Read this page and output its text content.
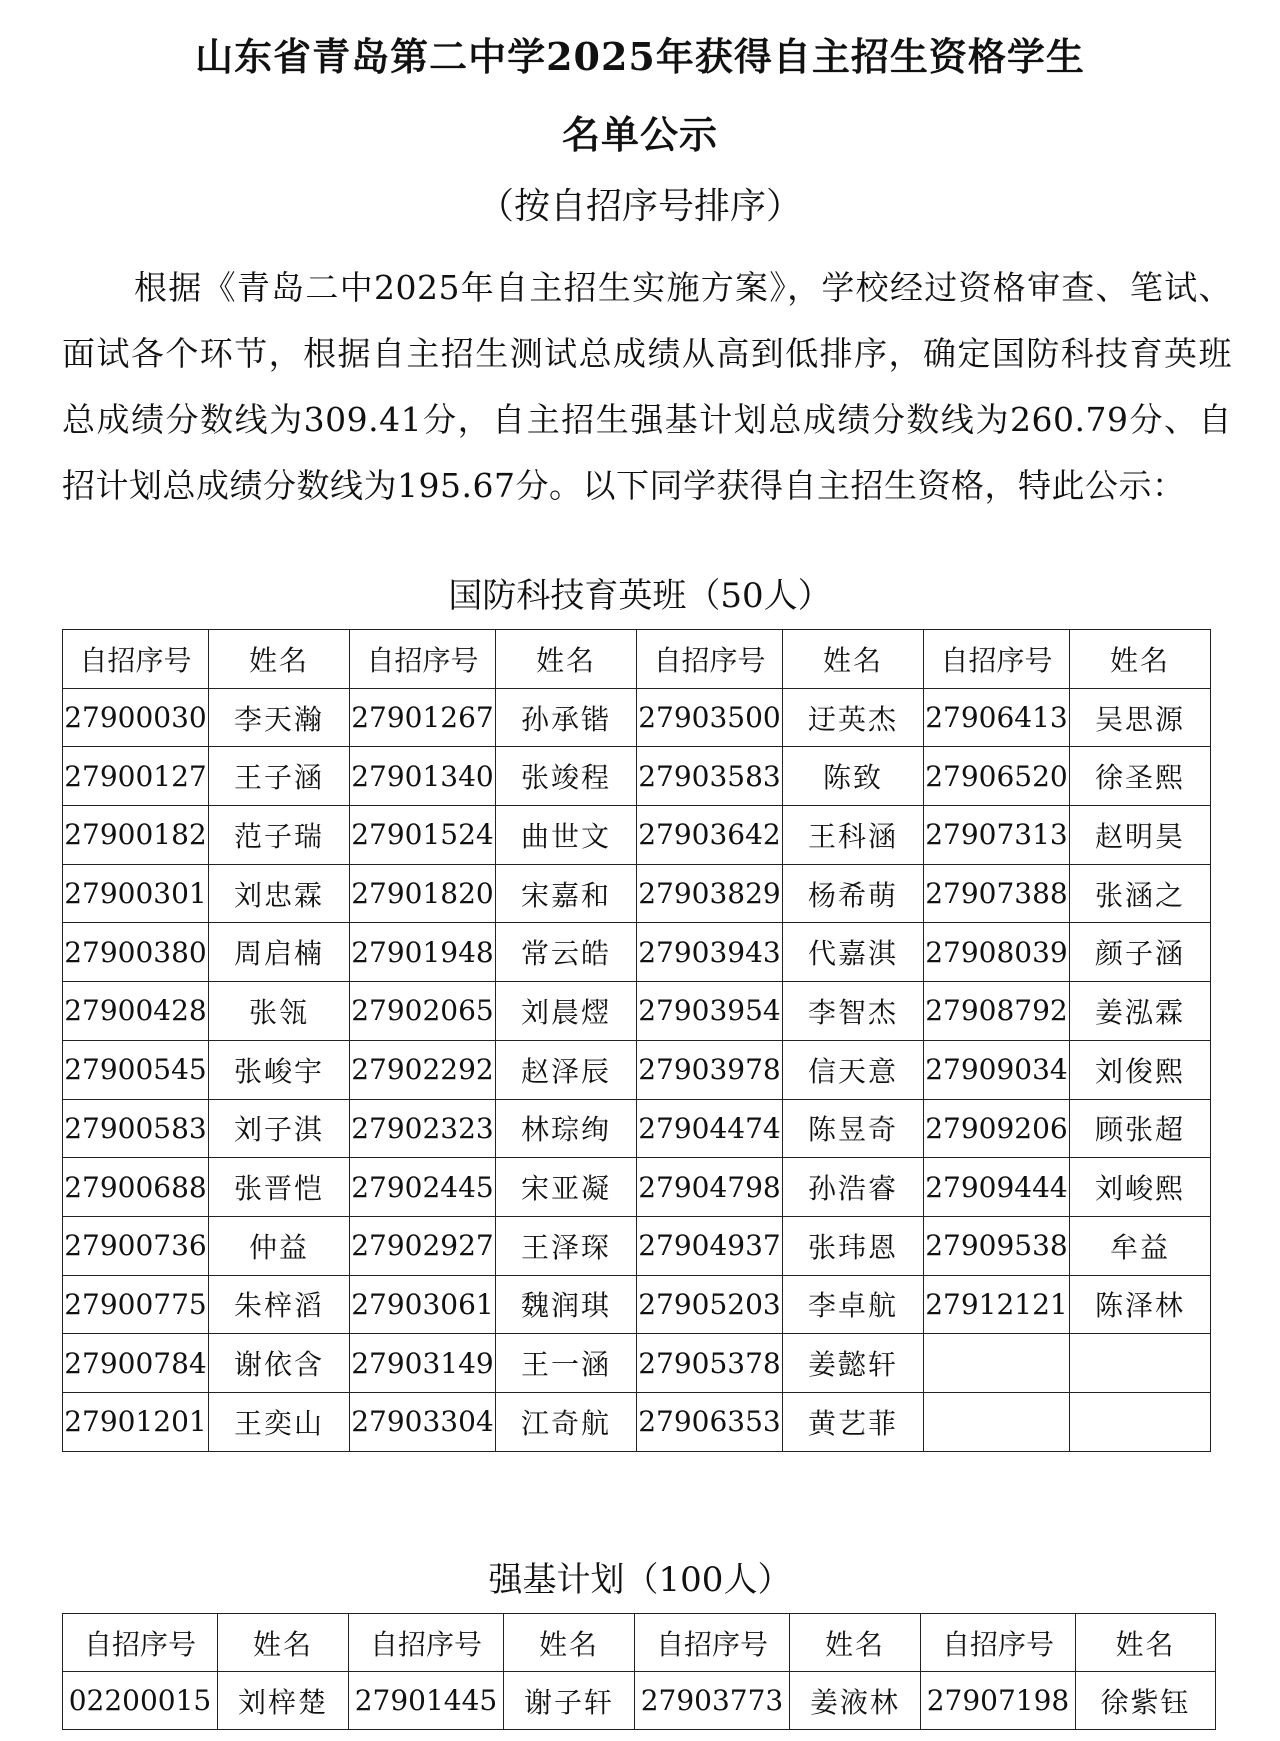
山东省青岛第二中学2025年获得自主招生资格学生
名单公示
（按自招序号排序）
根据《青岛二中2025年自主招生实施方案》，学校经过资格审查、笔试、面试各个环节，根据自主招生测试总成绩从高到低排序，确定国防科技育英班总成绩分数线为309.41分，自主招生强基计划总成绩分数线为260.79分、自招计划总成绩分数线为195.67分。以下同学获得自主招生资格，特此公示：
国防科技育英班（50人）
自招序号	姓名	自招序号	姓名	自招序号	姓名	自招序号	姓名
27900030	李天瀚	27901267	孙承锴	27903500	迂英杰	27906413	吴思源
27900127	王子涵	27901340	张竣程	27903583	陈致	27906520	徐圣熙
27900182	范子瑞	27901524	曲世文	27903642	王科涵	27907313	赵明昊
27900301	刘忠霖	27901820	宋嘉和	27903829	杨希萌	27907388	张涵之
27900380	周启楠	27901948	常云皓	27903943	代嘉淇	27908039	颜子涵
27900428	张瓴	27902065	刘晨熤	27903954	李智杰	27908792	姜泓霖
27900545	张峻宇	27902292	赵泽辰	27903978	信天意	27909034	刘俊熙
27900583	刘子淇	27902323	林琮绚	27904474	陈昱奇	27909206	顾张超
27900688	张晋恺	27902445	宋亚凝	27904798	孙浩睿	27909444	刘峻熙
27900736	仲益	27902927	王泽琛	27904937	张玮恩	27909538	牟益
27900775	朱梓滔	27903061	魏润琪	27905203	李卓航	27912121	陈泽林
27900784	谢依含	27903149	王一涵	27905378	姜懿轩		
27901201	王奕山	27903304	江奇航	27906353	黄艺菲		
强基计划（100人）
自招序号	姓名	自招序号	姓名	自招序号	姓名	自招序号	姓名
02200015	刘梓楚	27901445	谢子轩	27903773	姜液林	27907198	徐紫钰
